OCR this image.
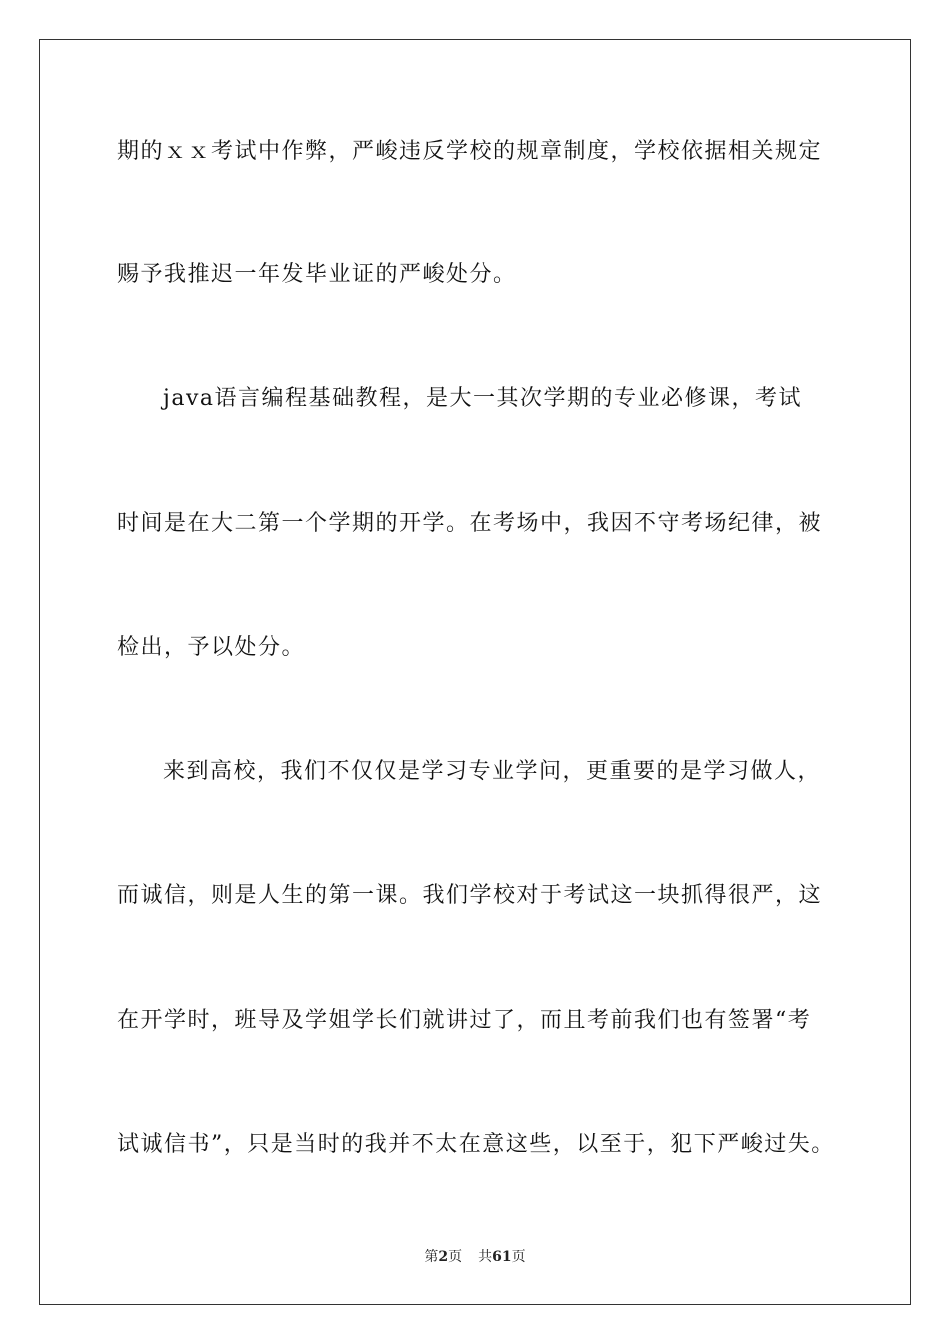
期的ｘｘ考试中作弊，严峻违反学校的规章制度，学校依据相关规定
赐予我推迟一年发毕业证的严峻处分。
java语言编程基础教程，是大一其次学期的专业必修课，考试
时间是在大二第一个学期的开学。在考场中，我因不守考场纪律，被
检出，予以处分。
来到高校，我们不仅仅是学习专业学问，更重要的是学习做人，
而诚信，则是人生的第一课。我们学校对于考试这一块抓得很严，这
在开学时，班导及学姐学长们就讲过了，而且考前我们也有签署“考
试诚信书”，只是当时的我并不太在意这些，以至于，犯下严峻过失。
第2页 共61页
